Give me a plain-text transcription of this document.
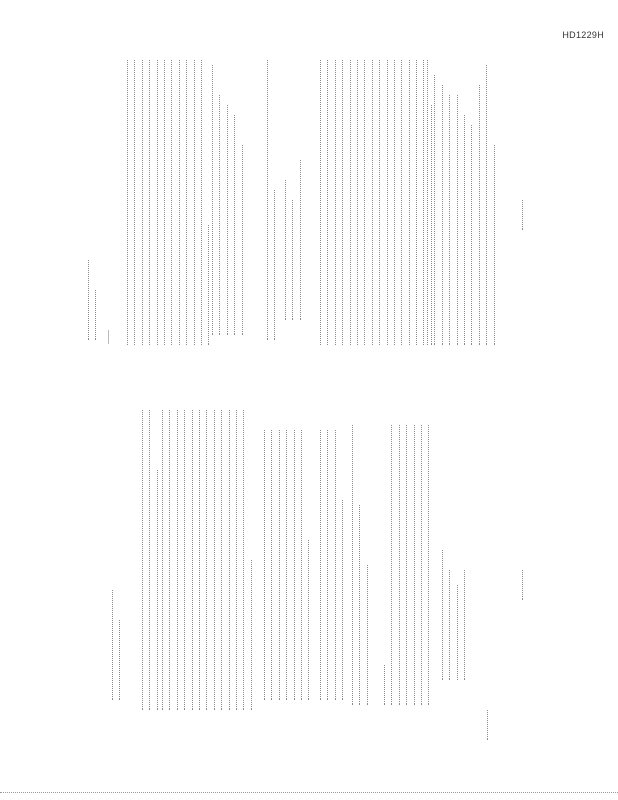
HD1229H
